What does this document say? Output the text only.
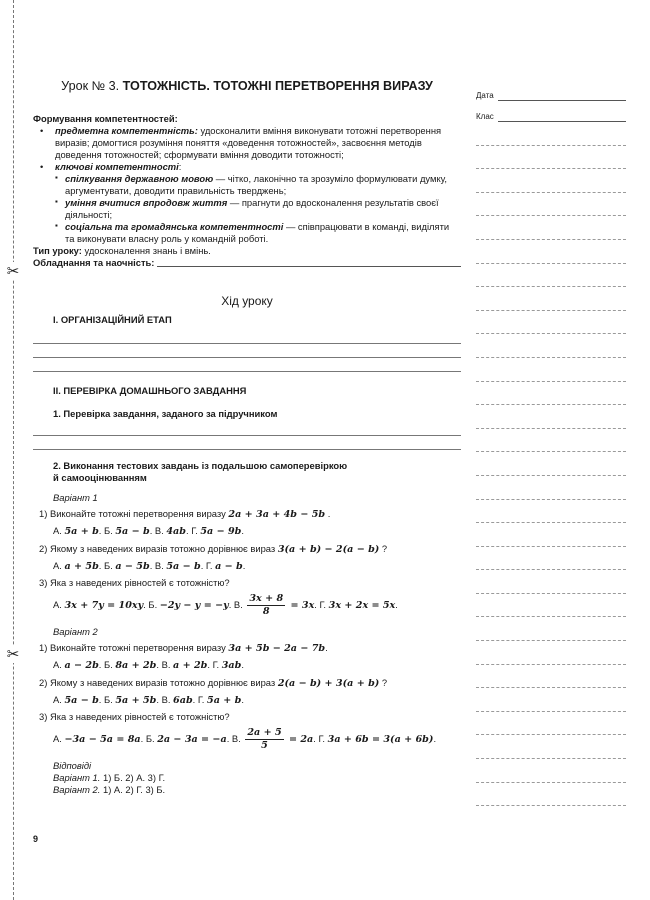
✂
✂
Дата
Клас
Урок № 3. ТОТОЖНІСТЬ. ТОТОЖНІ ПЕРЕТВОРЕННЯ ВИРАЗУ

Формування компетентностей:

• предметна компетентність: удосконалити вміння виконувати тотожні перетворення виразів; домогтися розуміння поняття «доведення тотожностей», засвоєння методів доведення тотожностей; сформувати вміння доводити тотожності;
• ключові компетентності:
▪ спілкування державною мовою — чітко, лаконічно та зрозуміло формулювати думку, аргументувати, доводити правильність тверджень;
▪ уміння вчитися впродовж життя — прагнути до вдосконалення результатів своєї діяльності;
▪ соціальна та громадянська компетентності — співпрацювати в команді, виділяти та виконувати власну роль у командній роботі.

Тип уроку: удосконалення знань і вмінь.

Обладнання та наочність:
Хід уроку

I. ОРГАНІЗАЦІЙНИЙ ЕТАП

II. ПЕРЕВІРКА ДОМАШНЬОГО ЗАВДАННЯ

1. Перевірка завдання, заданого за підручником

2. Виконання тестових завдань із подальшою самоперевіркою
й самооцінюванням

Варіант 1

1) Виконайте тотожні перетворення виразу 2a + 3a + 4b − 5b .

А. 5a + b. Б. 5a − b. В. 4ab. Г. 5a − 9b.

2) Якому з наведених виразів тотожно дорівнює вираз 3(a + b) − 2(a − b) ?

А. a + 5b. Б. a − 5b. В. 5a − b. Г. a − b.

3) Яка з наведених рівностей є тотожністю?

А. 3x + 7y = 10xy. Б. −2y − y = −y. В. $\frac{3x + 8}{8} = 3x$. Г. 3x + 2x = 5x.

Варіант 2

1) Виконайте тотожні перетворення виразу 3a + 5b − 2a − 7b.

А. a − 2b. Б. 8a + 2b. В. a + 2b. Г. 3ab.

2) Якому з наведених виразів тотожно дорівнює вираз 2(a − b) + 3(a + b) ?

А. 5a − b. Б. 5a + 5b. В. 6ab. Г. 5a + b.

3) Яка з наведених рівностей є тотожністю?

А. −3a − 5a = 8a. Б. 2a − 3a = −a. В. $\frac{2a + 5}{5} = 2a$. Г. 3a + 6b = 3(a + 6b).

Відповіді

Варіант 1. 1) Б. 2) А. 3) Г.

Варіант 2. 1) А. 2) Г. 3) Б.

9
